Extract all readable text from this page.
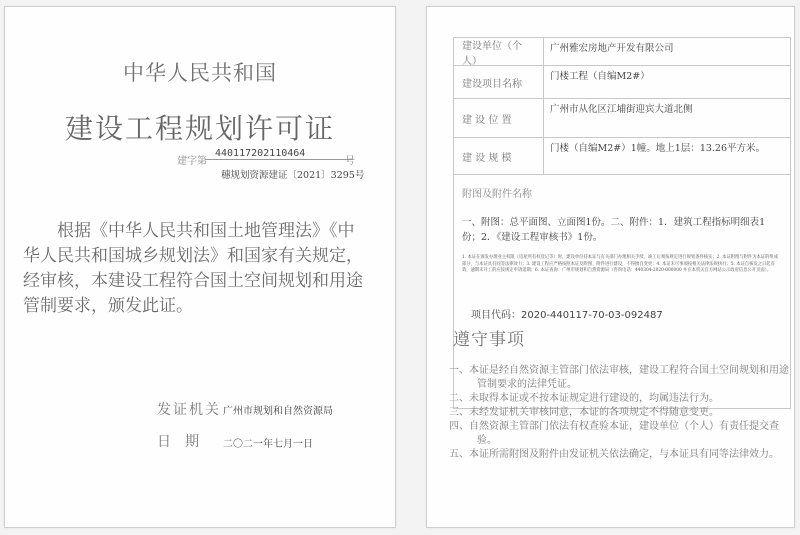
中华人民共和国
建设工程规划许可证
建字第
440117202110464
号
穗规划资源建证〔2021〕3295号
根据《中华人民共和国土地管理法》《中
华人民共和国城乡规划法》和国家有关规定，
经审核，本建设工程符合国土空间规划和用途
管制要求，颁发此证。
发证机关 广州市规划和自然资源局
日期 二〇二一年七月一日
建设单位（个人）
广州雅宏房地产开发有限公司
建设项目名称
门楼工程（自编M2#）
建 设 位 置
广州市从化区江埔街迎宾大道北侧
建 设 规 模
门楼（自编M2#）1幢。地上1层：13.26平方米。
附图及附件名称
一、附图：总平面图、立面图1份。二、附件：1．建筑工程指标明细表1份；2．《建设工程审核书》1份。
1. 本证在颁发办理业主权限（房屋所有权登记等）时，建设单位持本证与有关部门办理相关手续，竣工后须按规定进行规划条件核实；2. 本证附图与附件为本证的组成部分，与本证具有同等法律效力；3. 建设工程应严格按照本证及附图、附件进行建设，不得擅自变更；4. 本证未尽事项按相关法律法规执行；5. 本证自核发之日起有效，逾期未开工的应按规定申请延期；6. 本证查询：广州市规划和自然资源局（咨询电话：440304-2020-000000 并在本机关官方网站公示政府信息公开页面）。
项目代码：2020-440117-70-03-092487
遵守事项
一、本证是经自然资源主管部门依法审核，建设工程符合国土空间规划和用途管制要求的法律凭证。
二、未取得本证或不按本证规定进行建设的，均属违法行为。
三、未经发证机关审核同意，本证的各项规定不得随意变更。
四、自然资源主管部门依法有权查验本证，建设单位（个人）有责任提交查验。
五、本证所需附图及附件由发证机关依法确定，与本证具有同等法律效力。
